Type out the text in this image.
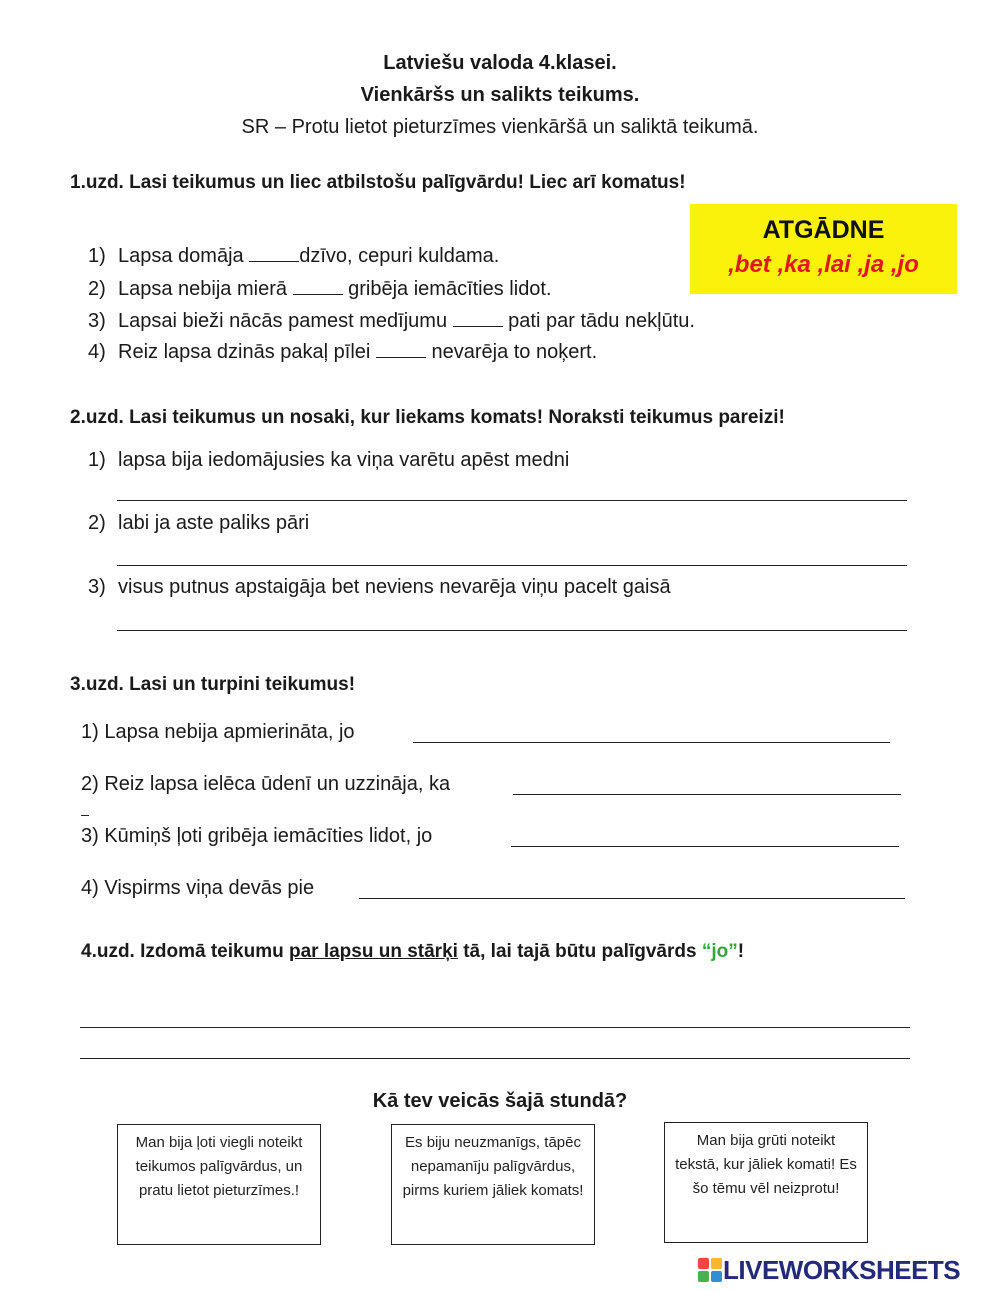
Latviešu valoda 4.klasei.
Vienkāršs un salikts teikums.
SR – Protu lietot pieturzīmes vienkāršā un saliktā teikumā.
1.uzd. Lasi teikumus un liec atbilstošu palīgvārdu! Liec arī komatus!
ATGĀDNE
,bet ,ka ,lai ,ja ,jo
1) Lapsa domāja	dzīvo, cepuri kuldama.
2) Lapsa nebija mierā	gribēja iemācīties lidot.
3) Lapsai bieži nācās pamest medījumu	pati par tādu nekļūtu.
4) Reiz lapsa dzinās pakaļ pīlei	nevarēja to noķert.
2.uzd. Lasi teikumus un nosaki, kur liekams komats! Noraksti teikumus pareizi!
1) lapsa bija iedomājusies ka viņa varētu apēst medni
2) labi ja aste paliks pāri
3) visus putnus apstaigāja bet neviens nevarēja viņu pacelt gaisā
3.uzd. Lasi un turpini teikumus!
1) Lapsa nebija apmierināta, jo
2) Reiz lapsa ielēca ūdenī un uzzināja, ka
3) Kūmiņš ļoti gribēja iemācīties lidot, jo
4) Vispirms viņa devās pie
4.uzd. Izdomā teikumu par lapsu un stārķi tā, lai tajā būtu palīgvārds “jo”!
Kā tev veicās šajā stundā?
Man bija ļoti viegli noteikt teikumos palīgvārdus, un pratu lietot pieturzīmes.!
Es biju neuzmanīgs, tāpēc nepamanīju palīgvārdus, pirms kuriem jāliek komats!
Man bija grūti noteikt tekstā, kur jāliek komati! Es šo tēmu vēl neizprotu!
LIVEWORKSHEETS
